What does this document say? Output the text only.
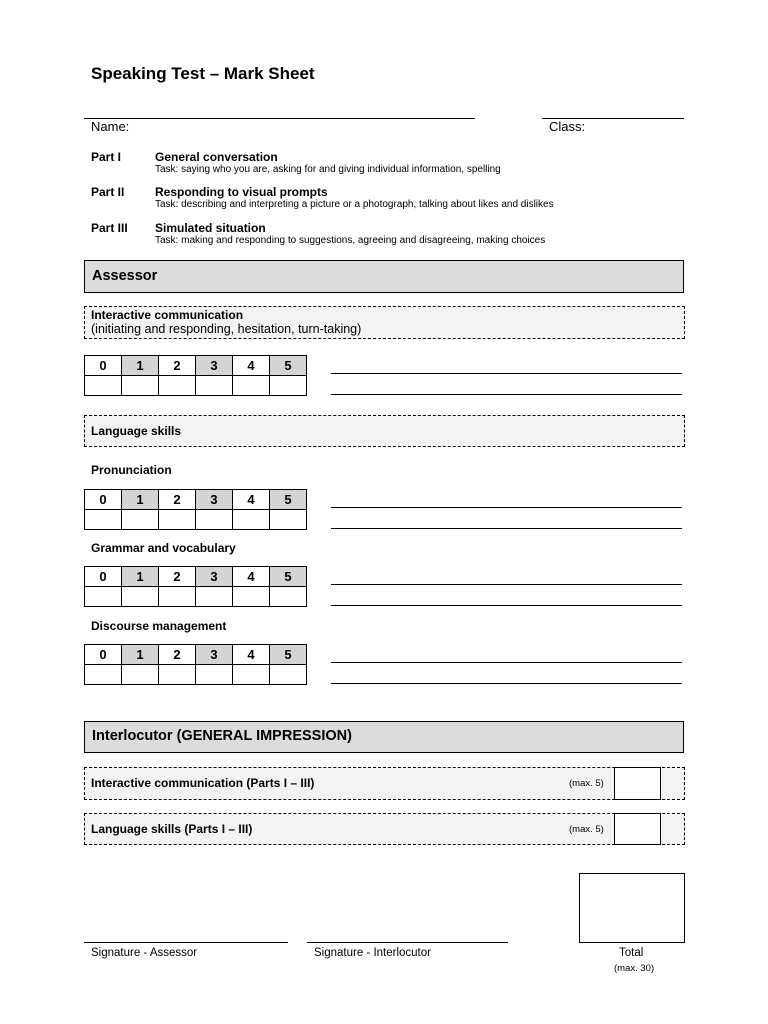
Speaking Test – Mark Sheet
Name:	Class:
Part I	General conversation
Task: saying who you are, asking for and giving individual information, spelling
Part II	Responding to visual prompts
Task: describing and interpreting a picture or a photograph, talking about likes and dislikes
Part III Simulated situation
Task: making and responding to suggestions, agreeing and disagreeing, making choices
Assessor
Interactive communication
(initiating and responding, hesitation, turn-taking)
0	1	2	3	4	5

Language skills
Pronunciation
0	1	2	3	4	5

Grammar and vocabulary
0	1	2	3	4	5

Discourse management
0	1	2	3	4	5

Interlocutor (GENERAL IMPRESSION)
Interactive communication (Parts I – III)	(max. 5)
Language skills (Parts I – III)	(max. 5)
Signature - Assessor	Signature - Interlocutor	Total
(max. 30)
